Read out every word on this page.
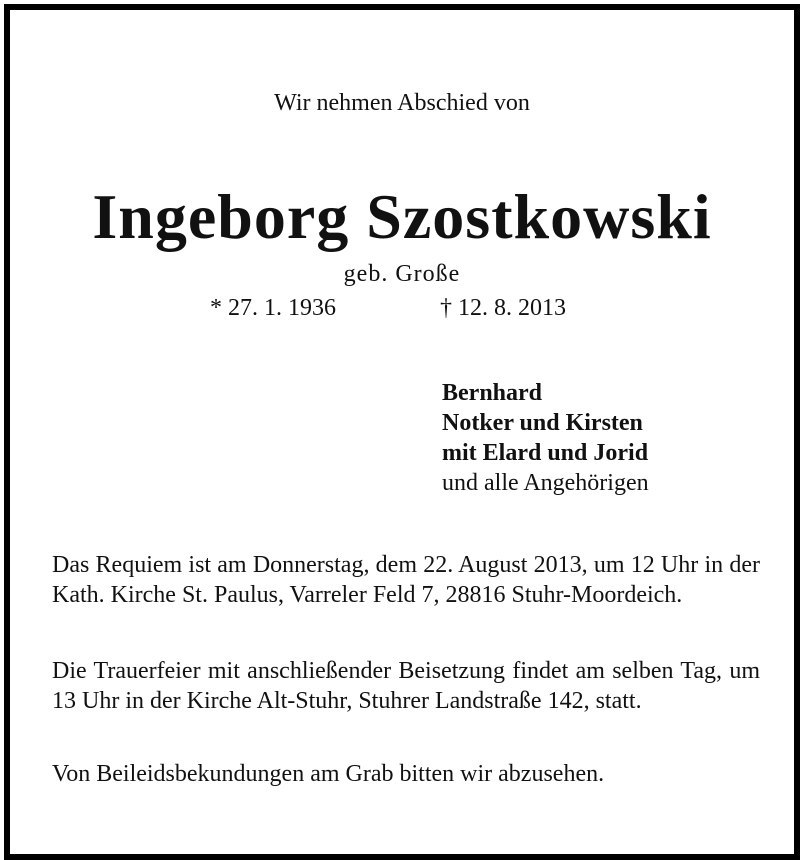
Wir nehmen Abschied von
Ingeborg Szostkowski
geb. Große
* 27. 1. 1936	† 12. 8. 2013
Bernhard
Notker und Kirsten
mit Elard und Jorid
und alle Angehörigen
Das Requiem ist am Donnerstag, dem 22. August 2013, um 12 Uhr in der Kath. Kirche St. Paulus, Varreler Feld 7, 28816 Stuhr-Moordeich.
Die Trauerfeier mit anschließender Beisetzung findet am selben Tag, um 13 Uhr in der Kirche Alt-Stuhr, Stuhrer Landstraße 142, statt.
Von Beileidsbekundungen am Grab bitten wir abzusehen.
